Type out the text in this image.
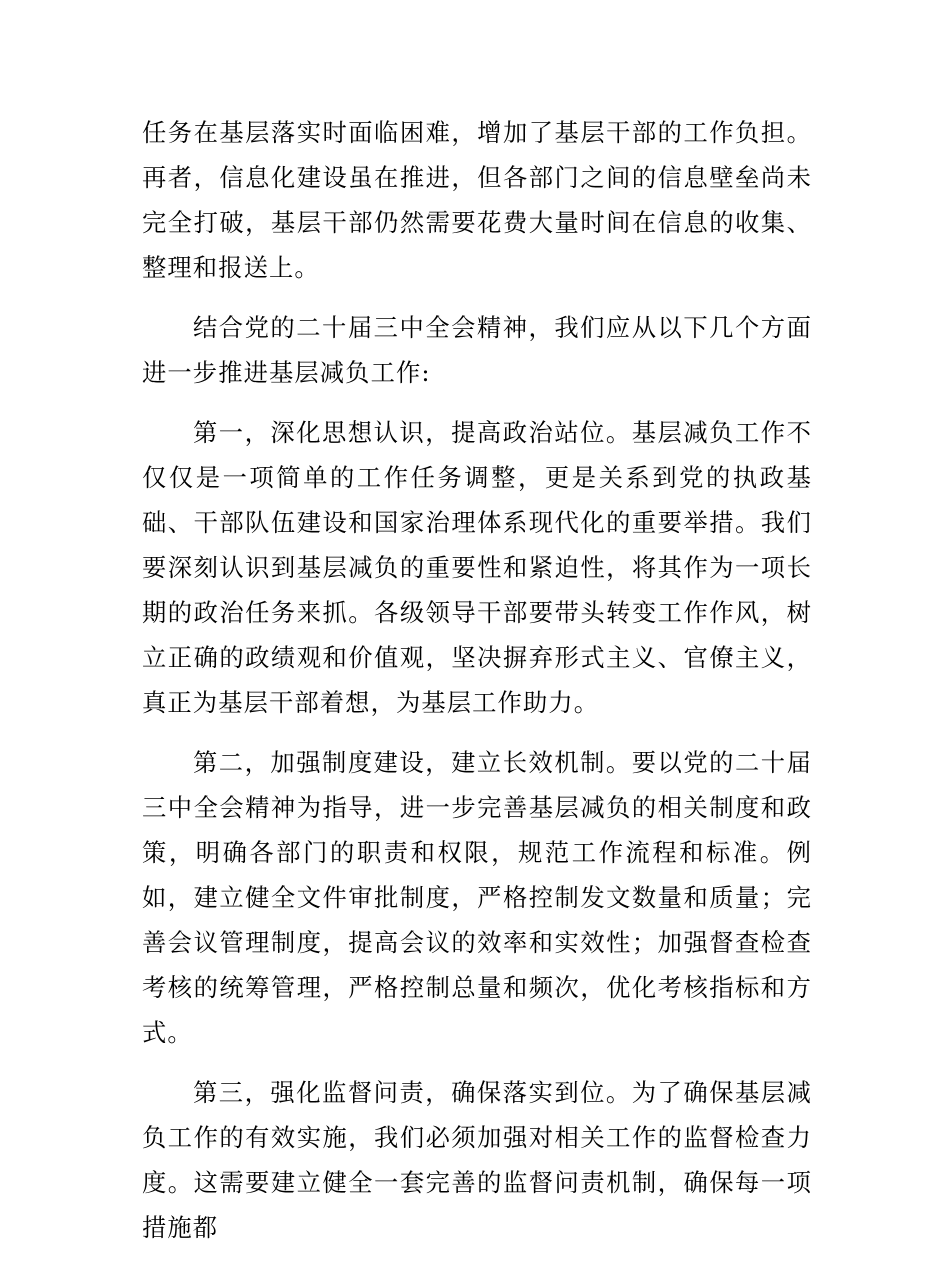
任务在基层落实时面临困难，增加了基层干部的工作负担。再者，信息化建设虽在推进，但各部门之间的信息壁垒尚未完全打破，基层干部仍然需要花费大量时间在信息的收集、整理和报送上。

结合党的二十届三中全会精神，我们应从以下几个方面进一步推进基层减负工作:

第一，深化思想认识，提高政治站位。基层减负工作不仅仅是一项简单的工作任务调整，更是关系到党的执政基础、干部队伍建设和国家治理体系现代化的重要举措。我们要深刻认识到基层减负的重要性和紧迫性，将其作为一项长期的政治任务来抓。各级领导干部要带头转变工作作风，树立正确的政绩观和价值观，坚决摒弃形式主义、官僚主义，真正为基层干部着想，为基层工作助力。

第二，加强制度建设，建立长效机制。要以党的二十届三中全会精神为指导，进一步完善基层减负的相关制度和政策，明确各部门的职责和权限，规范工作流程和标准。例如，建立健全文件审批制度，严格控制发文数量和质量；完善会议管理制度，提高会议的效率和实效性；加强督查检查考核的统筹管理，严格控制总量和频次，优化考核指标和方式。

第三，强化监督问责，确保落实到位。为了确保基层减负工作的有效实施，我们必须加强对相关工作的监督检查力度。这需要建立健全一套完善的监督问责机制，确保每一项措施都
